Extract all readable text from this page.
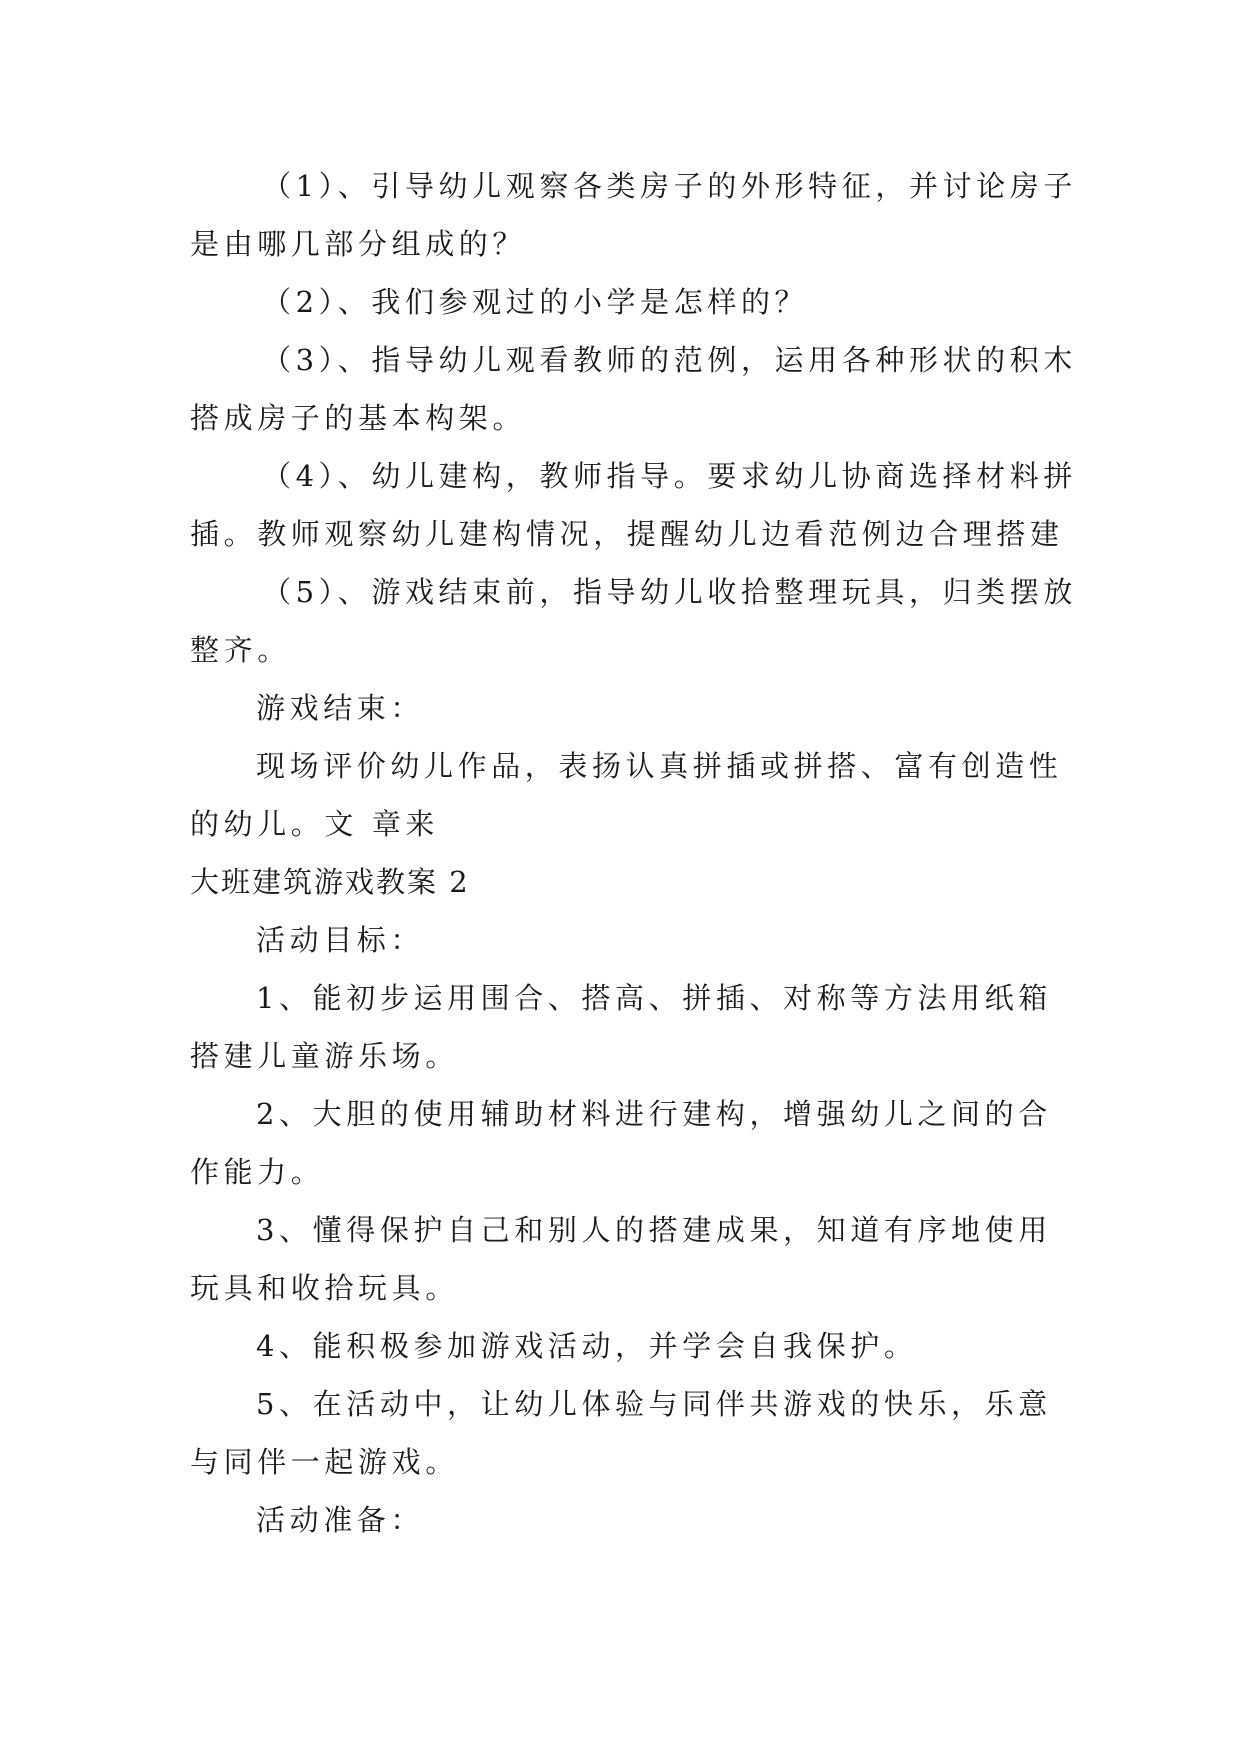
（1）、引导幼儿观察各类房子的外形特征，并讨论房子

是由哪几部分组成的？

（2）、我们参观过的小学是怎样的？

（3）、指导幼儿观看教师的范例，运用各种形状的积木

搭成房子的基本构架。

（4）、幼儿建构，教师指导。要求幼儿协商选择材料拼

插。教师观察幼儿建构情况，提醒幼儿边看范例边合理搭建

（5）、游戏结束前，指导幼儿收拾整理玩具，归类摆放

整齐。

游戏结束：

现场评价幼儿作品，表扬认真拼插或拼搭、富有创造性

的幼儿。文 章来

大班建筑游戏教案 2

活动目标：

1、能初步运用围合、搭高、拼插、对称等方法用纸箱

搭建儿童游乐场。

2、大胆的使用辅助材料进行建构，增强幼儿之间的合

作能力。

3、懂得保护自己和别人的搭建成果，知道有序地使用

玩具和收拾玩具。

4、能积极参加游戏活动，并学会自我保护。

5、在活动中，让幼儿体验与同伴共游戏的快乐，乐意

与同伴一起游戏。

活动准备：
